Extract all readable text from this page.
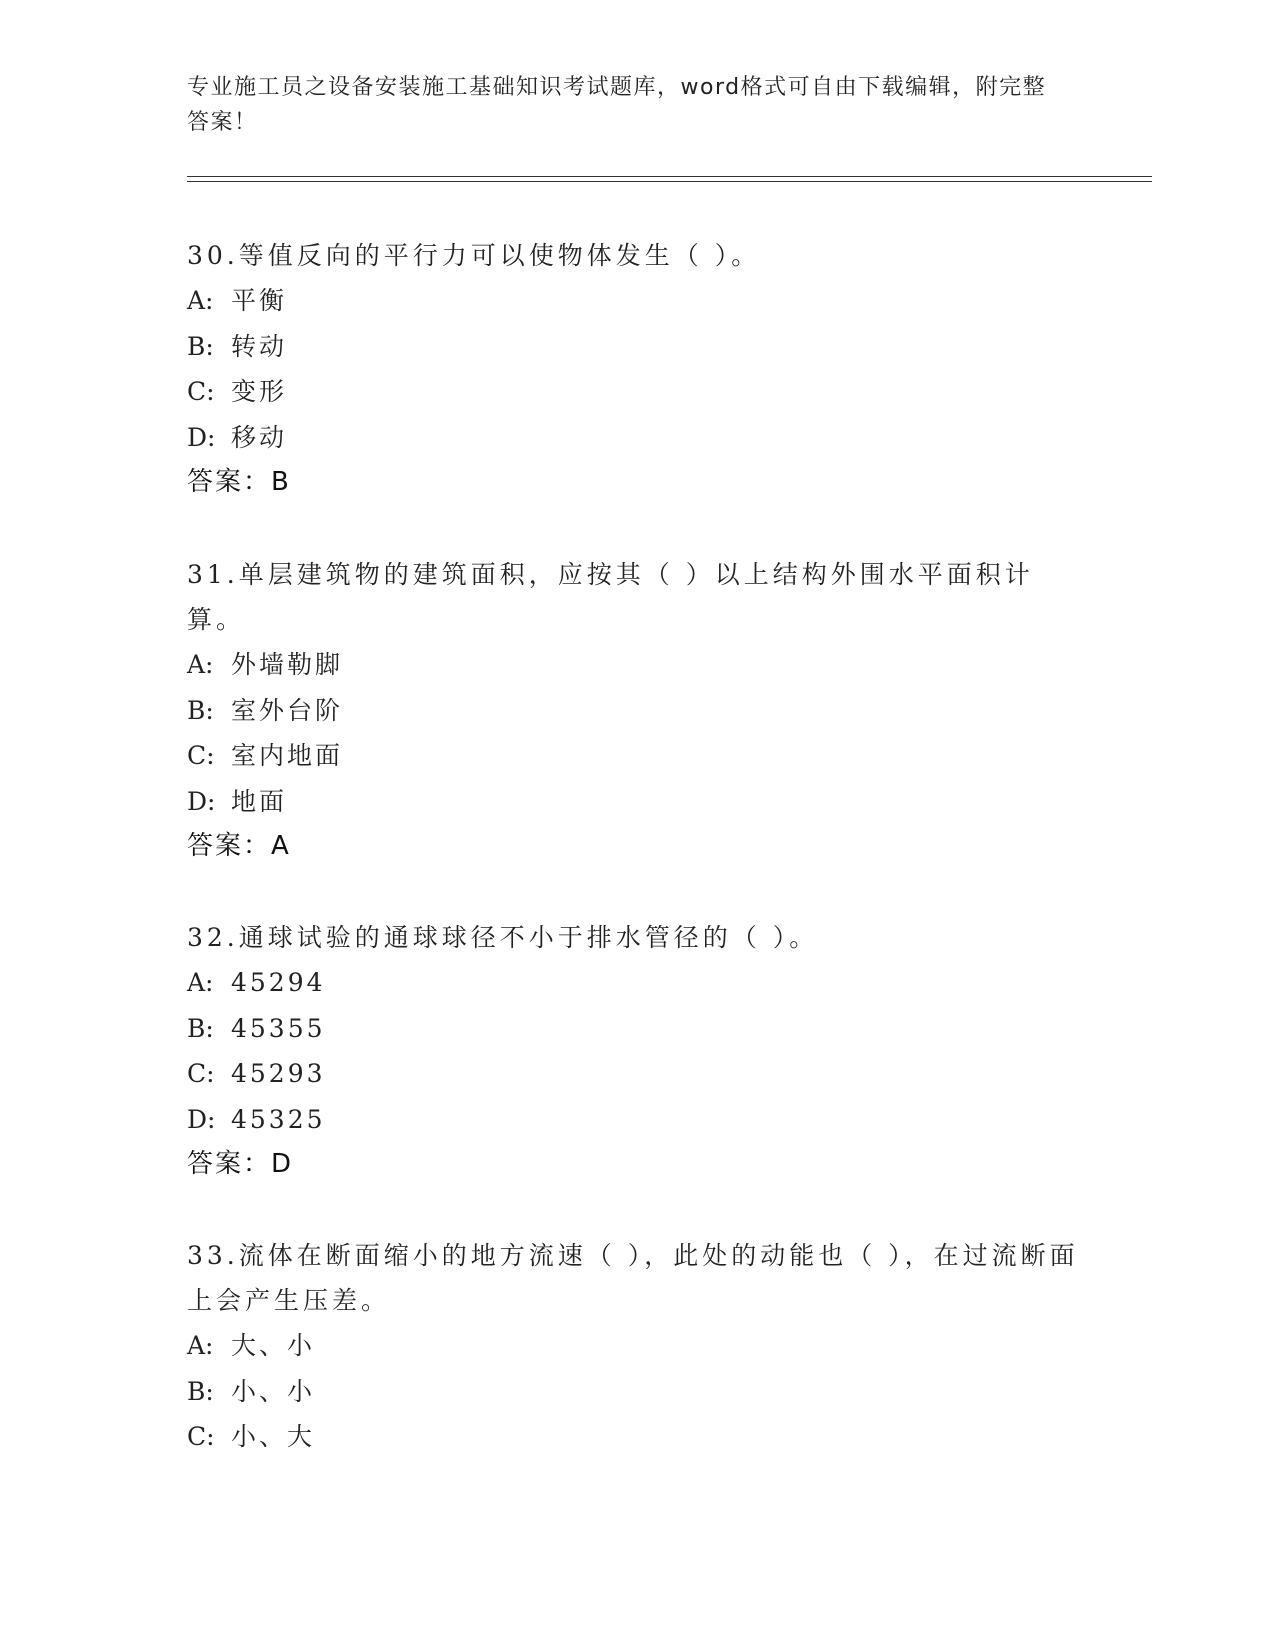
专业施工员之设备安装施工基础知识考试题库，word格式可自由下载编辑，附完整答案！

30.等值反向的平行力可以使物体发生（ ）。

A: 平衡

B: 转动

C: 变形

D: 移动

答案：B

31.单层建筑物的建筑面积，应按其（ ）以上结构外围水平面积计算。

A: 外墙勒脚

B: 室外台阶

C: 室内地面

D: 地面

答案：A

32.通球试验的通球球径不小于排水管径的（ ）。

A: 45294

B: 45355

C: 45293

D: 45325

答案：D

33.流体在断面缩小的地方流速（ ），此处的动能也（ ），在过流断面上会产生压差。

A: 大、小

B: 小、小

C: 小、大
